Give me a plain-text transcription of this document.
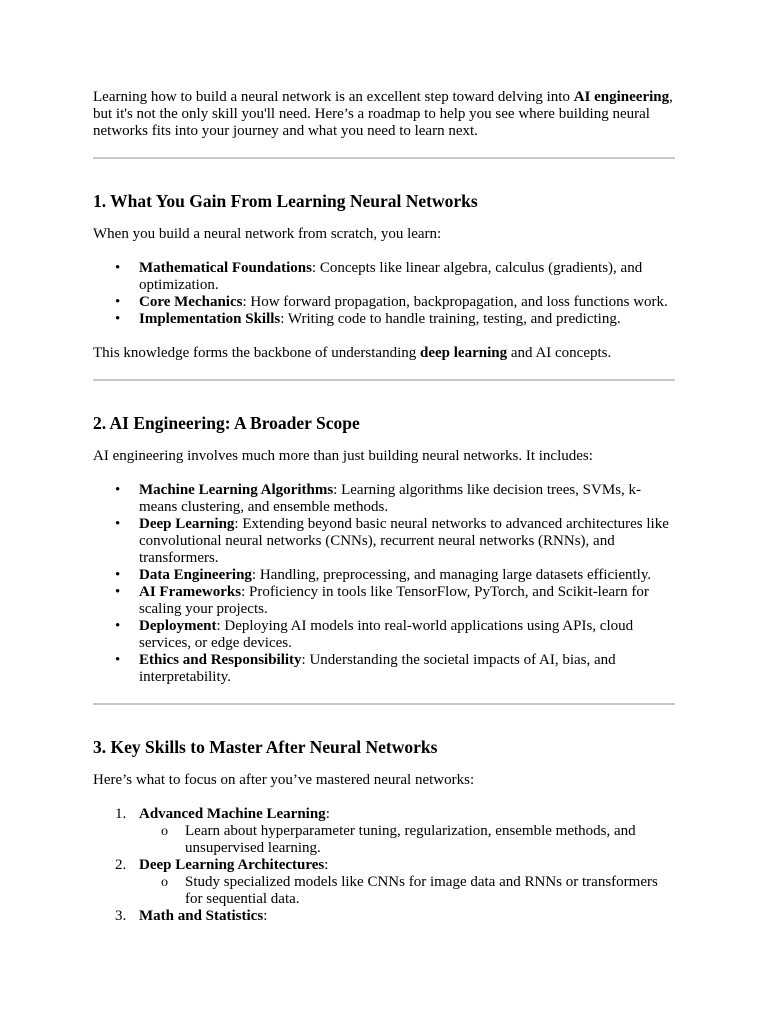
Learning how to build a neural network is an excellent step toward delving into AI engineering, but it's not the only skill you'll need. Here’s a roadmap to help you see where building neural networks fits into your journey and what you need to learn next.

1. What You Gain From Learning Neural Networks

When you build a neural network from scratch, you learn:

• Mathematical Foundations: Concepts like linear algebra, calculus (gradients), and optimization.
• Core Mechanics: How forward propagation, backpropagation, and loss functions work.
• Implementation Skills: Writing code to handle training, testing, and predicting.

This knowledge forms the backbone of understanding deep learning and AI concepts.

2. AI Engineering: A Broader Scope

AI engineering involves much more than just building neural networks. It includes:

• Machine Learning Algorithms: Learning algorithms like decision trees, SVMs, k-means clustering, and ensemble methods.
• Deep Learning: Extending beyond basic neural networks to advanced architectures like convolutional neural networks (CNNs), recurrent neural networks (RNNs), and transformers.
• Data Engineering: Handling, preprocessing, and managing large datasets efficiently.
• AI Frameworks: Proficiency in tools like TensorFlow, PyTorch, and Scikit-learn for scaling your projects.
• Deployment: Deploying AI models into real-world applications using APIs, cloud services, or edge devices.
• Ethics and Responsibility: Understanding the societal impacts of AI, bias, and interpretability.
3. Key Skills to Master After Neural Networks

Here’s what to focus on after you’ve mastered neural networks:

1. Advanced Machine Learning:
o Learn about hyperparameter tuning, regularization, ensemble methods, and unsupervised learning.
2. Deep Learning Architectures:
o Study specialized models like CNNs for image data and RNNs or transformers for sequential data.
3. Math and Statistics:
